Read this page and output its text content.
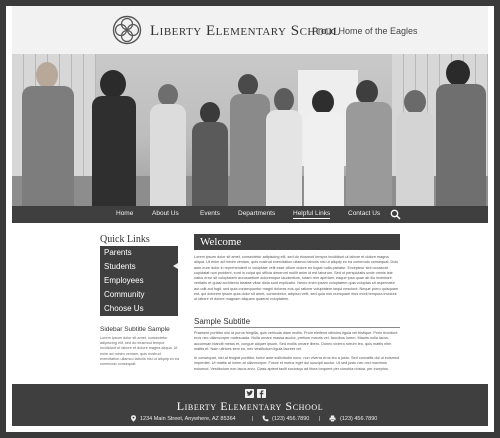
Liberty Elementary School
Proud Home of the Eagles
Home	About Us	Events	Departments	Helpful Links	Contact Us
Quick Links
Parents
Students
Employees
Community
Choose Us
Sidebar Subtitle Sample
Lorem ipsum dolor sit amet, consectetur adipiscing elit, sed do eiusmod tempor incididunt ut labore et dolore magna aliqua. Ut enim ad minim veniam, quis nostrud exercitation ullamco laboris nisi ut aliquip ex ea commodo consequat.
Welcome

Lorem ipsum dolor sit amet, consectetur adipiscing elit, sed do eiusmod tempor incididunt ut labore et dolore magna aliqua. Ut enim ad minim veniam, quis nostrud exercitation ullamco laboris nisi ut aliquip ex ea commodo consequat. Duis aute irure dolor in reprehenderit in voluptate velit esse cillum dolore eu fugiat nulla pariatur. Excepteur sint occaecat cupidatat non proident, sunt in culpa qui officia deserunt mollit anim id est laborum. Sed ut perspiciatis unde omnis iste natus error sit voluptatem accusantium doloremque laudantium, totam rem aperiam, eaque ipsa quae ab illo inventore veritatis et quasi architecto beatae vitae dicta sunt explicabo. Nemo enim ipsam voluptatem quia voluptas sit aspernatur aut odit aut fugit, sed quia consequuntur magni dolores eos qui ratione voluptatem sequi nesciunt. Neque porro quisquam est, qui dolorem ipsum quia dolor sit amet, consectetur, adipisci velit, sed quia non numquam eius modi tempora incidunt ut labore et dolore magnam aliquam quaerat voluptatem.

Sample Subtitle

Praesent porttitor nisi ut purus fringilla, quis vehicula diam mollis. Proin eleifend ultricies ligula vel tristique. Proin tincidunt eros nec ullamcorper malesuada. Nulla ornare massa auctor, pretium mauris vel, faucibus lorem. Mauris nulla lacus, accumsan blandit metus et, congue aliquet ipsum. Sed mollis ornare libero. Donec viverra rutrum leo, quis mattis nibh mattis et. Nam ultrices sem eu, nec vestibulum ligula laoreet vel.

In consequat, nisi at feugiat porttitor, tortor ante sollicitudin nunc, non viverra eros leo a justo. Sed convallis dui ut euismod imperdiet. Ut mattis at lorem at ullamcorper. Fusce et metus eget dui suscipit auctor. Ut sed justo nec orci maximus euismod. Vestibulum non lacus arcu. Class aptent taciti sociosqu ad litora torquent per conubia nostra, per inceptos.

Liberty Elementary School
1234 Main Street, Anywhere, AZ 85364	|	(123) 456.7890 |	(123) 456.7890
